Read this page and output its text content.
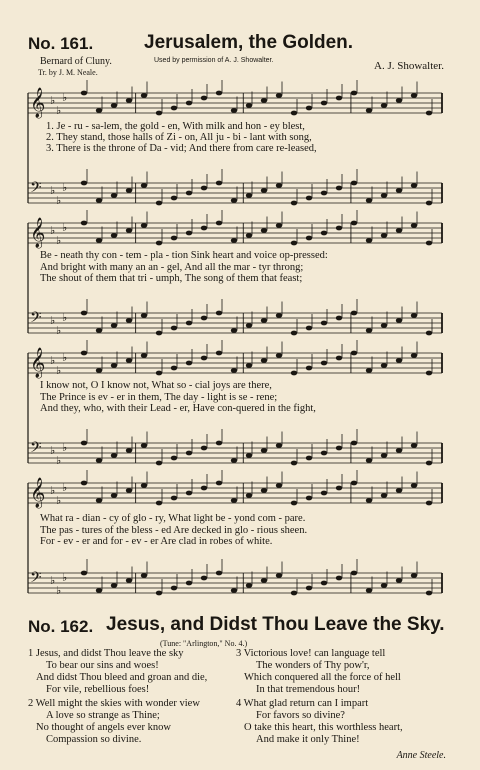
No. 161.	Jerusalem, the Golden.
Bernard of Cluny.
Tr. by J. M. Neale.
Used by permission of A. J. Showalter.	A. J. Showalter.
𝄞 ♭
♭
♭
𝄢 ♭
♭
♭
1. Je - ru - sa-lem, the gold - en, With milk and hon - ey blest,
2. They stand, those halls of Zi - on, All ju - bi - lant with song,
3. There is the throne of Da - vid; And there from care re-leased,
𝄞 ♭
♭
♭
𝄢 ♭
♭
♭
Be - neath thy con - tem - pla - tion Sink heart and voice op-pressed:
And bright with many an an - gel, And all the mar - tyr throng;
The shout of them that tri - umph, The song of them that feast;
𝄞 ♭
♭
♭
𝄢 ♭
♭
♭
I know not, O I know not, What so - cial joys are there,
The Prince is ev - er in them, The day - light is se - rene;
And they, who, with their Lead - er, Have con-quered in the fight,
𝄞 ♭
♭
♭
𝄢 ♭
♭
♭
What ra - dian - cy of glo - ry, What light be - yond com - pare.
The pas - tures of the bless - ed Are decked in glo - rious sheen.
For - ev - er and for - ev - er Are clad in robes of white.
No. 162. Jesus, and Didst Thou Leave the Sky.
(Tune: "Arlington," No. 4.)
1 Jesus, and didst Thou leave the sky
To bear our sins and woes!
And didst Thou bleed and groan and die,
For vile, rebellious foes!
2 Well might the skies with wonder view
A love so strange as Thine;
No thought of angels ever know
Compassion so divine.
3 Victorious love! can language tell
The wonders of Thy pow'r,
Which conquered all the force of hell
In that tremendous hour!
4 What glad return can I impart
For favors so divine?
O take this heart, this worthless heart,
And make it only Thine!
Anne Steele.
